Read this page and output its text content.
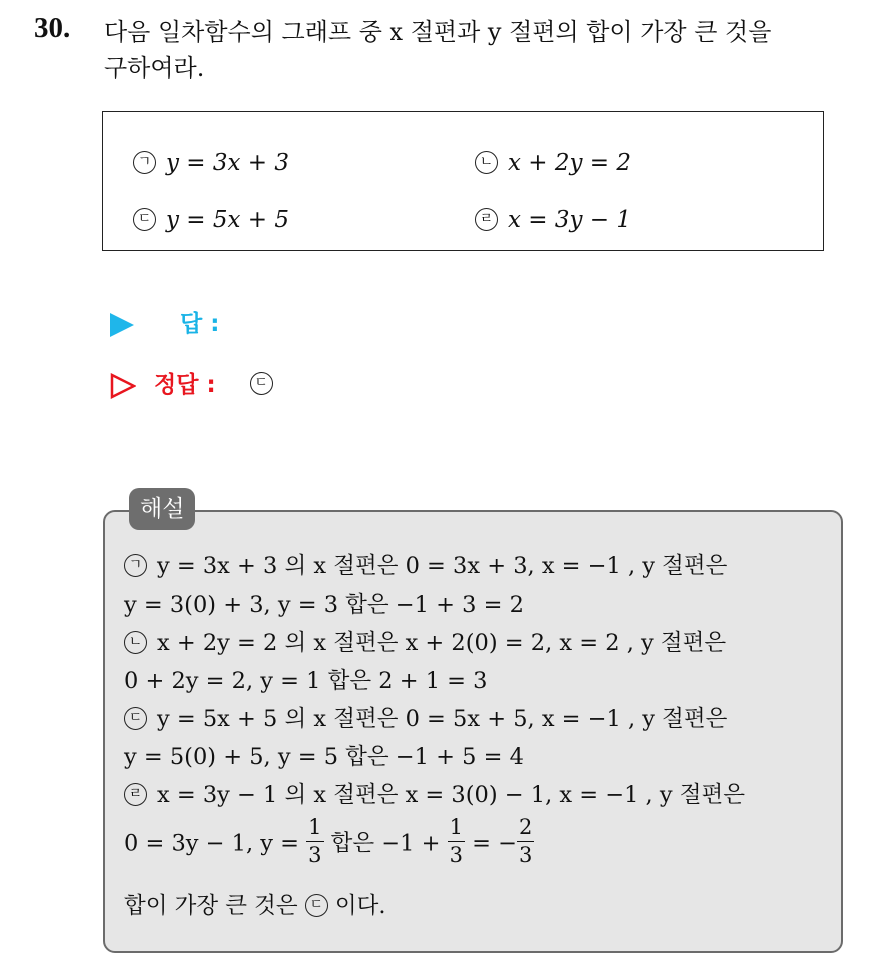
30. 다음 일차함수의 그래프 중 x 절편과 y 절편의 합이 가장 큰 것을
구하여라.
ㄱ y = 3x + 3	ㄴ x + 2y = 2
ㄷ y = 5x + 5	ㄹ x = 3y − 1
답 :
정답 :	ㄷ
해설
ㄱ y = 3x + 3 의 x 절편은 0 = 3x + 3, x = −1 , y 절편은
y = 3(0) + 3, y = 3 합은 −1 + 3 = 2
ㄴ x + 2y = 2 의 x 절편은 x + 2(0) = 2, x = 2 , y 절편은
0 + 2y = 2, y = 1 합은 2 + 1 = 3
ㄷ y = 5x + 5 의 x 절편은 0 = 5x + 5, x = −1 , y 절편은
y = 5(0) + 5, y = 5 합은 −1 + 5 = 4
ㄹ x = 3y − 1 의 x 절편은 x = 3(0) − 1, x = −1 , y 절편은
0 = 3y − 1, $y = \frac{1}{3}$ 합은 $-1 + \frac{1}{3}$ = − $\frac{2}{3}$
합이 가장 큰 것은 ㄷ 이다.
